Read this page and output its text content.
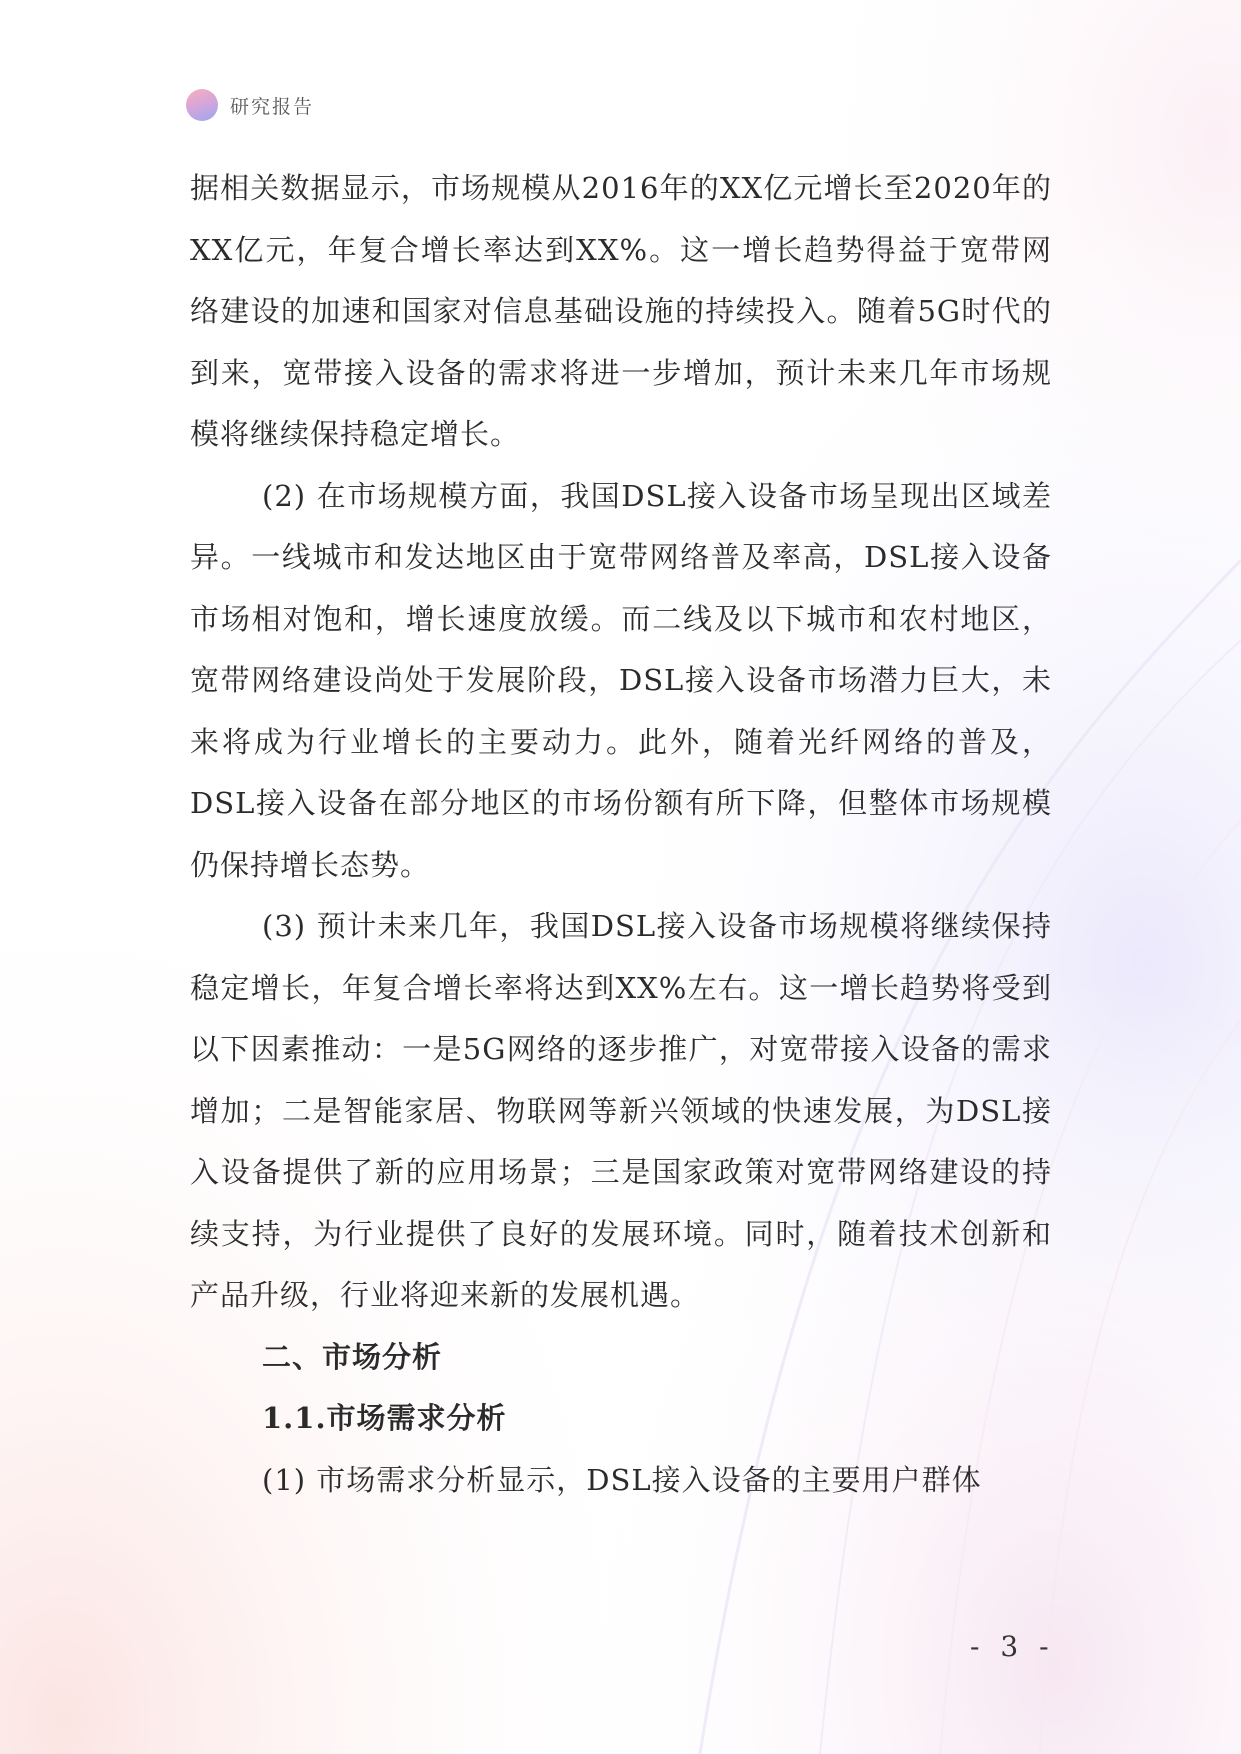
研究报告

据相关数据显示，市场规模从2016年的XX亿元增长至2020年的XX亿元，年复合增长率达到XX%。这一增长趋势得益于宽带网络建设的加速和国家对信息基础设施的持续投入。随着5G时代的到来，宽带接入设备的需求将进一步增加，预计未来几年市场规模将继续保持稳定增长。

(2) 在市场规模方面，我国DSL接入设备市场呈现出区域差异。一线城市和发达地区由于宽带网络普及率高，DSL接入设备市场相对饱和，增长速度放缓。而二线及以下城市和农村地区，宽带网络建设尚处于发展阶段，DSL接入设备市场潜力巨大，未来将成为行业增长的主要动力。此外，随着光纤网络的普及，DSL接入设备在部分地区的市场份额有所下降，但整体市场规模仍保持增长态势。

(3) 预计未来几年，我国DSL接入设备市场规模将继续保持稳定增长，年复合增长率将达到XX%左右。这一增长趋势将受到以下因素推动：一是5G网络的逐步推广，对宽带接入设备的需求增加；二是智能家居、物联网等新兴领域的快速发展，为DSL接入设备提供了新的应用场景；三是国家政策对宽带网络建设的持续支持，为行业提供了良好的发展环境。同时，随着技术创新和产品升级，行业将迎来新的发展机遇。

二、市场分析
1.1.市场需求分析

(1) 市场需求分析显示，DSL接入设备的主要用户群体

- 3 -
